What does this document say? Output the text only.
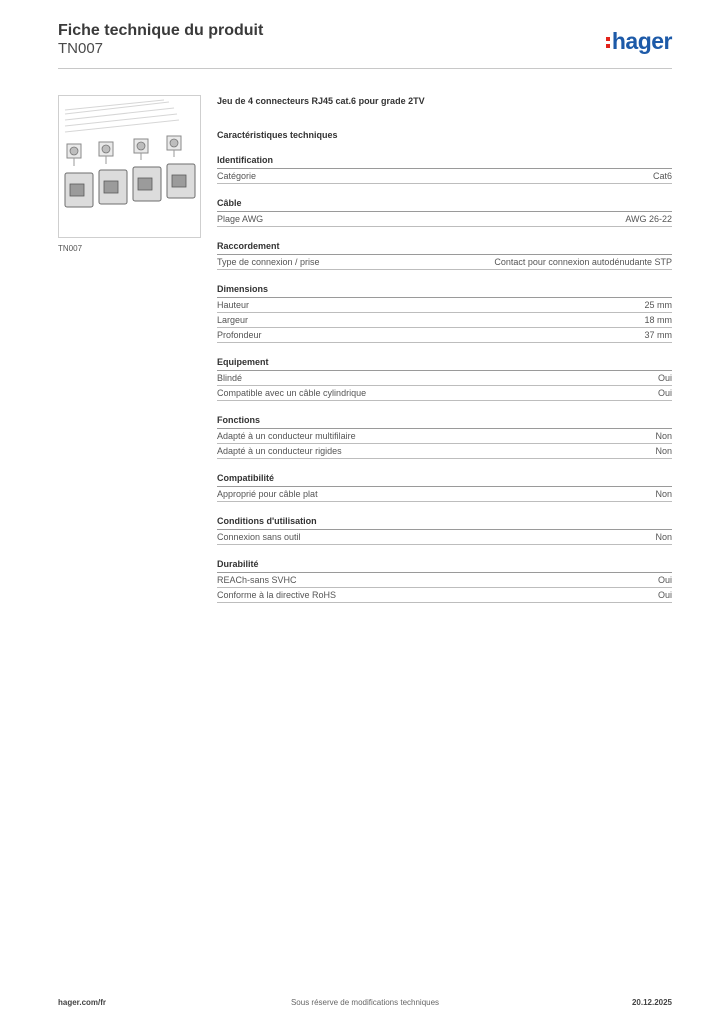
Fiche technique du produit
TN007	hager
TN007
Jeu de 4 connecteurs RJ45 cat.6 pour grade 2TV
Caractéristiques techniques
Identification
Catégorie	Cat6
Câble
Plage AWG	AWG 26-22
Raccordement
Type de connexion / prise	Contact pour connexion autodénudante STP
Dimensions
Hauteur	25 mm
Largeur	18 mm
Profondeur	37 mm
Equipement
Blindé	Oui
Compatible avec un câble cylindrique	Oui
Fonctions
Adapté à un conducteur multifilaire	Non
Adapté à un conducteur rigides	Non
Compatibilité
Approprié pour câble plat	Non
Conditions d'utilisation
Connexion sans outil	Non
Durabilité
REACh-sans SVHC	Oui
Conforme à la directive RoHS	Oui
hager.com/fr	Sous réserve de modifications techniques	20.12.2025
